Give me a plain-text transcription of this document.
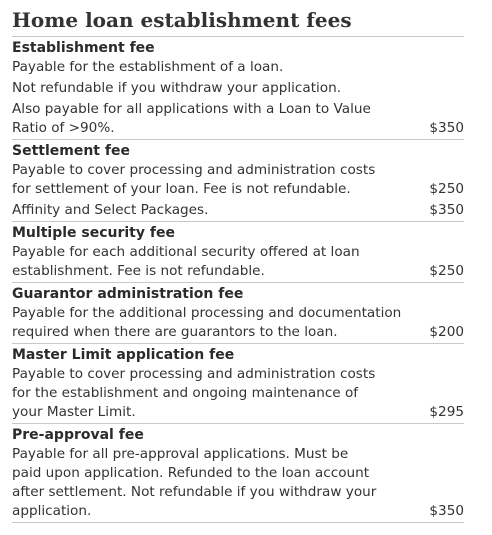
Home loan establishment fees
Establishment fee
Payable for the establishment of a loan.
Not refundable if you withdraw your application.
Also payable for all applications with a Loan to Value
Ratio of >90%.	$350
Settlement fee
Payable to cover processing and administration costs
for settlement of your loan. Fee is not refundable.	$250
Affinity and Select Packages.	$350
Multiple security fee
Payable for each additional security offered at loan
establishment. Fee is not refundable.	$250
Guarantor administration fee
Payable for the additional processing and documentation
required when there are guarantors to the loan.	$200
Master Limit application fee
Payable to cover processing and administration costs
for the establishment and ongoing maintenance of
your Master Limit.	$295
Pre-approval fee
Payable for all pre-approval applications. Must be
paid upon application. Refunded to the loan account
after settlement. Not refundable if you withdraw your
application.	$350
